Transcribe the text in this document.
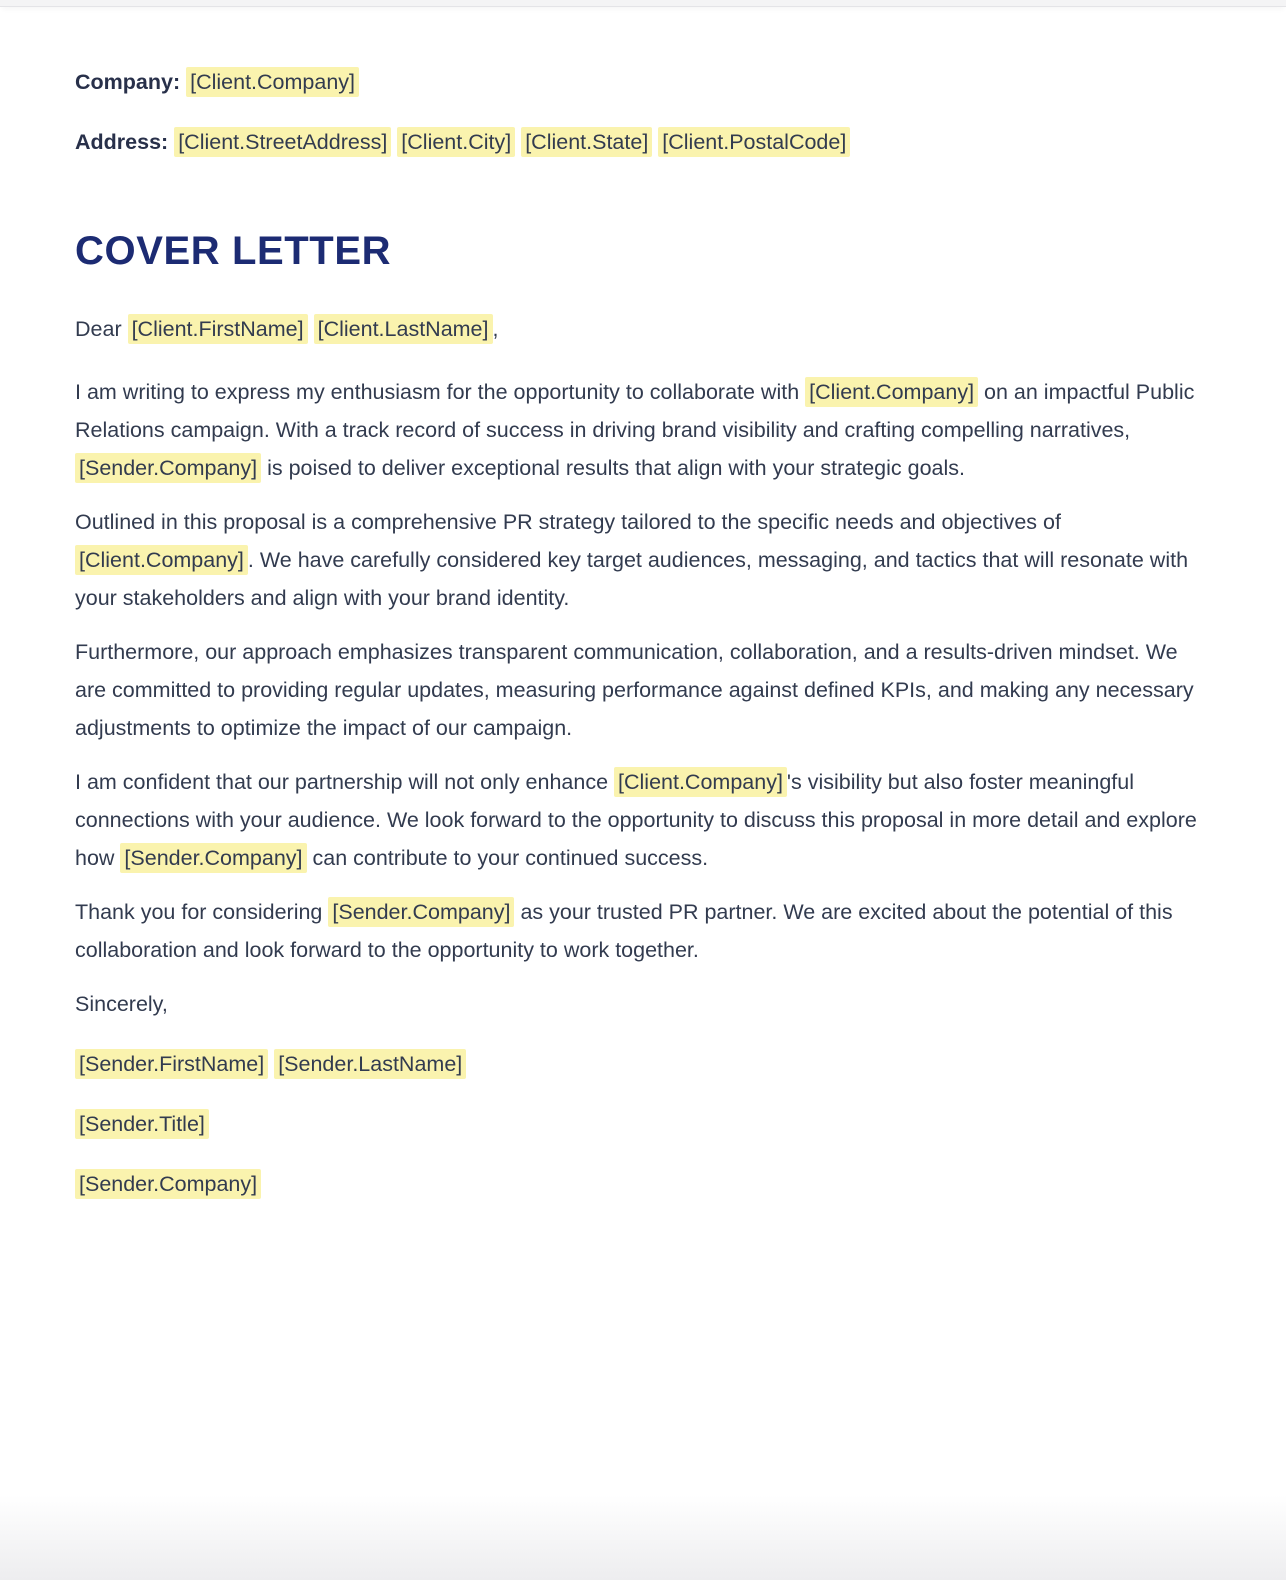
Company: [Client.Company]

Address: [Client.StreetAddress] [Client.City] [Client.State] [Client.PostalCode]

COVER LETTER

Dear [Client.FirstName] [Client.LastName] ,

I am writing to express my enthusiasm for the opportunity to collaborate with [Client.Company] on an impactful Public Relations campaign. With a track record of success in driving brand visibility and crafting compelling narratives, [Sender.Company] is poised to deliver exceptional results that align with your strategic goals.

Outlined in this proposal is a comprehensive PR strategy tailored to the specific needs and objectives of [Client.Company] . We have carefully considered key target audiences, messaging, and tactics that will resonate with your stakeholders and align with your brand identity.

Furthermore, our approach emphasizes transparent communication, collaboration, and a results-driven mindset. We are committed to providing regular updates, measuring performance against defined KPIs, and making any necessary adjustments to optimize the impact of our campaign.

I am confident that our partnership will not only enhance [Client.Company] 's visibility but also foster meaningful connections with your audience. We look forward to the opportunity to discuss this proposal in more detail and explore how [Sender.Company] can contribute to your continued success.

Thank you for considering [Sender.Company] as your trusted PR partner. We are excited about the potential of this collaboration and look forward to the opportunity to work together.

Sincerely,

[Sender.FirstName] [Sender.LastName]

[Sender.Title]

[Sender.Company]
